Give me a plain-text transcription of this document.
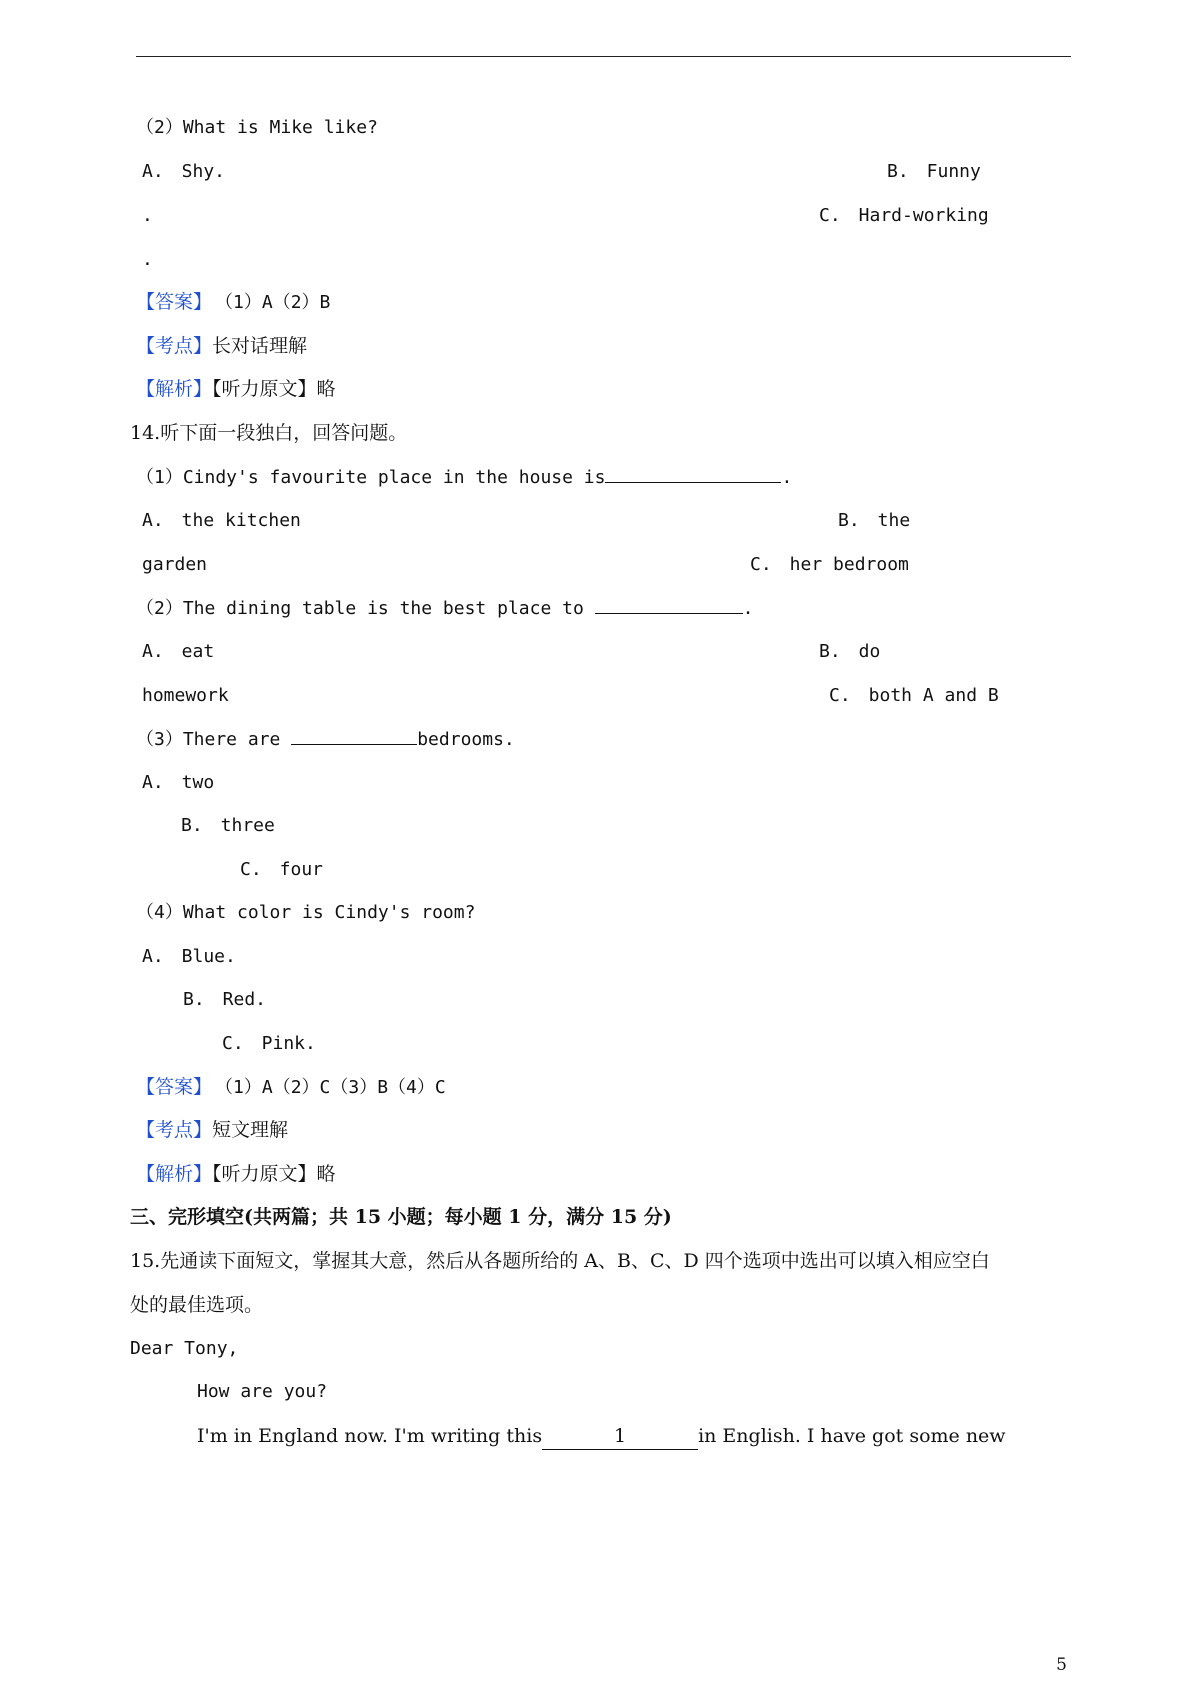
（2）What is Mike like?
A.　Shy.	B.　Funny
.	C.　Hard-working
.
【答案】 （1）A（2）B
【考点】长对话理解
【解析】【听力原文】略
14.听下面一段独白，回答问题。
（1）Cindy's favourite place in the house is	.
A.　the kitchen	B.　the
garden	C.　her bedroom
（2）The dining table is the best place to	.
A.　eat	B.　do
homework	C.　both A and B
（3）There are	bedrooms.
A.　two
B.　three
C.　four
（4）What color is Cindy's room?
A.　Blue.
B.　Red.
C.　Pink.
【答案】 （1）A（2）C（3）B（4）C
【考点】短文理解
【解析】【听力原文】略
三、完形填空(共两篇；共 15 小题；每小题 1 分，满分 15 分)
15.先通读下面短文，掌握其大意，然后从各题所给的 A、B、C、D 四个选项中选出可以填入相应空白
处的最佳选项。
Dear Tony,
How are you?
I'm in England now. I'm writing this	1	in English. I have got some new
5
